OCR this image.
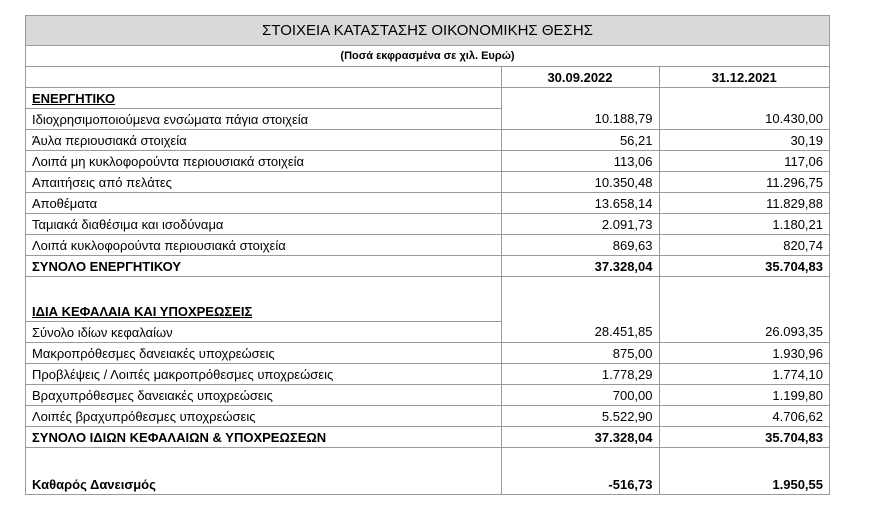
ΣΤΟΙΧΕΙΑ ΚΑΤΑΣΤΑΣΗΣ ΟΙΚΟΝΟΜΙΚΗΣ ΘΕΣΗΣ		
(Ποσά εκφρασμένα σε χιλ. Ευρώ)		
	30.09.2022	31.12.2021
ΕΝΕΡΓΗΤΙΚΟ		
Ιδιοχρησιμοποιούμενα ενσώματα πάγια στοιχεία	10.188,79	10.430,00
Άυλα περιουσιακά στοιχεία	56,21	30,19
Λοιπά μη κυκλοφορούντα περιουσιακά στοιχεία	113,06	117,06
Απαιτήσεις από πελάτες	10.350,48	11.296,75
Αποθέματα	13.658,14	11.829,88
Ταμιακά διαθέσιμα και ισοδύναμα	2.091,73	1.180,21
Λοιπά κυκλοφορούντα περιουσιακά στοιχεία	869,63	820,74
ΣΥΝΟΛΟ ΕΝΕΡΓΗΤΙΚΟΥ	37.328,04	35.704,83

ΙΔΙΑ ΚΕΦΑΛΑΙΑ ΚΑΙ ΥΠΟΧΡΕΩΣΕΙΣ		
Σύνολο ιδίων κεφαλαίων	28.451,85	26.093,35
Μακροπρόθεσμες δανειακές υποχρεώσεις	875,00	1.930,96
Προβλέψεις / Λοιπές μακροπρόθεσμες υποχρεώσεις	1.778,29	1.774,10
Βραχυπρόθεσμες δανειακές υποχρεώσεις	700,00	1.199,80
Λοιπές βραχυπρόθεσμες υποχρεώσεις	5.522,90	4.706,62
ΣΥΝΟΛΟ ΙΔΙΩΝ ΚΕΦΑΛΑΙΩΝ & ΥΠΟΧΡΕΩΣΕΩΝ	37.328,04	35.704,83

Καθαρός Δανεισμός	-516,73	1.950,55
